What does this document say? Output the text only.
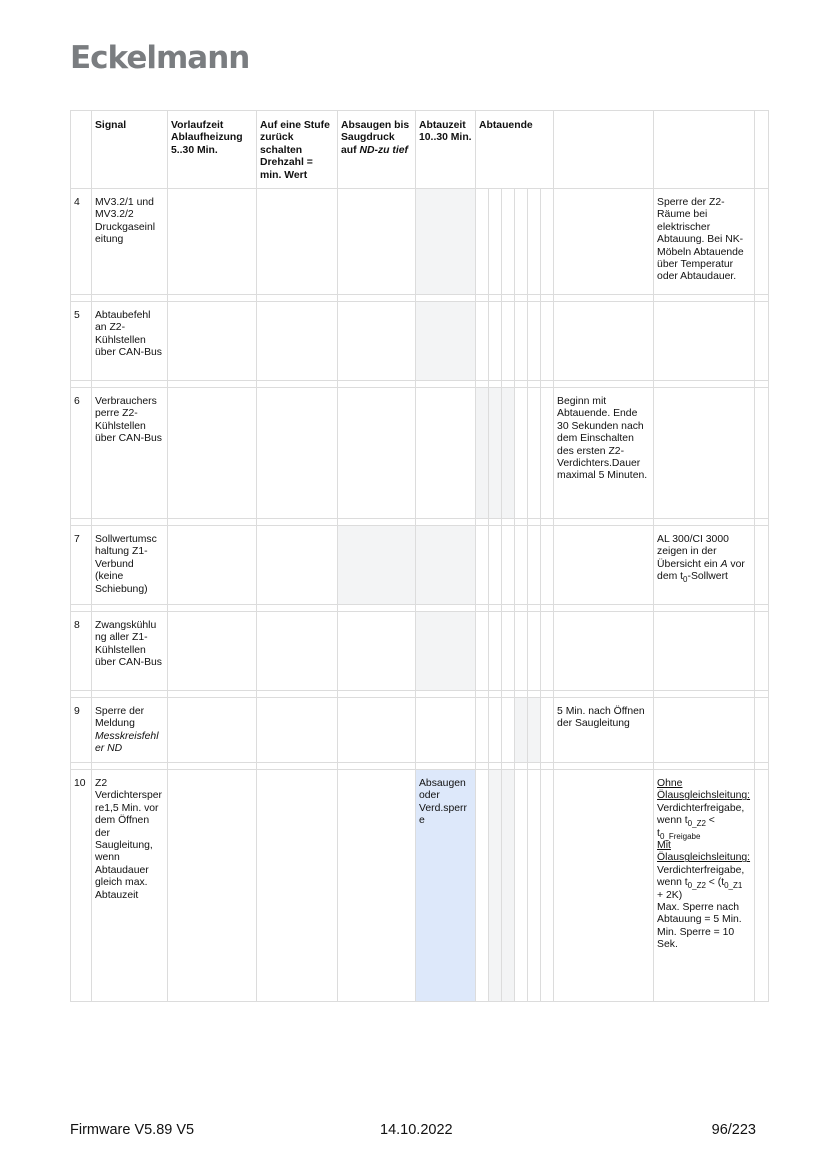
Eckelmann
	Signal	Vorlaufzeit Ablaufheizung 5..30 Min.	Auf eine Stufe zurück schalten Drehzahl = min. Wert	Absaugen bis Saugdruck auf ND-zu tief	Abtauzeit 10..30 Min.	Abtauende								
4	MV3.2/1 und MV3.2/2 Druckgaseinl eitung												Sperre der Z2-Räume bei elektrischer Abtauung. Bei NK-Möbeln Abtauende über Temperatur oder Abtaudauer.	

5	Abtaubefehl an Z2-Kühlstellen über CAN-Bus													

6	Verbrauchers perre Z2-Kühlstellen über CAN-Bus											Beginn mit Abtauende. Ende 30 Sekunden nach dem Einschalten des ersten Z2-Verdichters.Dauer maximal 5 Minuten.		

7	Sollwertumsc haltung Z1-Verbund (keine Schiebung)												AL 300/CI 3000 zeigen in der Übersicht ein A vor dem $t_0$-Sollwert	

8	Zwangskühlu ng aller Z1-Kühlstellen über CAN-Bus													

9	Sperre der Meldung Messkreisfehl er ND											5 Min. nach Öffnen der Saugleitung		

10	Z2 Verdichtersperre1,5 Min. vor dem Öffnen der Saugleitung, wenn Abtaudauer gleich max. Abtauzeit				Absaugen oder Verd.sperr e								Ohne Ölausgleichsleitung:
Verdichterfreigabe, wenn $t_{0\_Z2} < t_{0\_Freigabe}$
Mit Ölausgleichsleitung:
Verdichterfreigabe, wenn $t_{0\_Z2} < (t_{0\_Z1} + 2K)$
Max. Sperre nach Abtauung = 5 Min. Min. Sperre = 10 Sek.	
Firmware V5.89 V5	14.10.2022	96/223
